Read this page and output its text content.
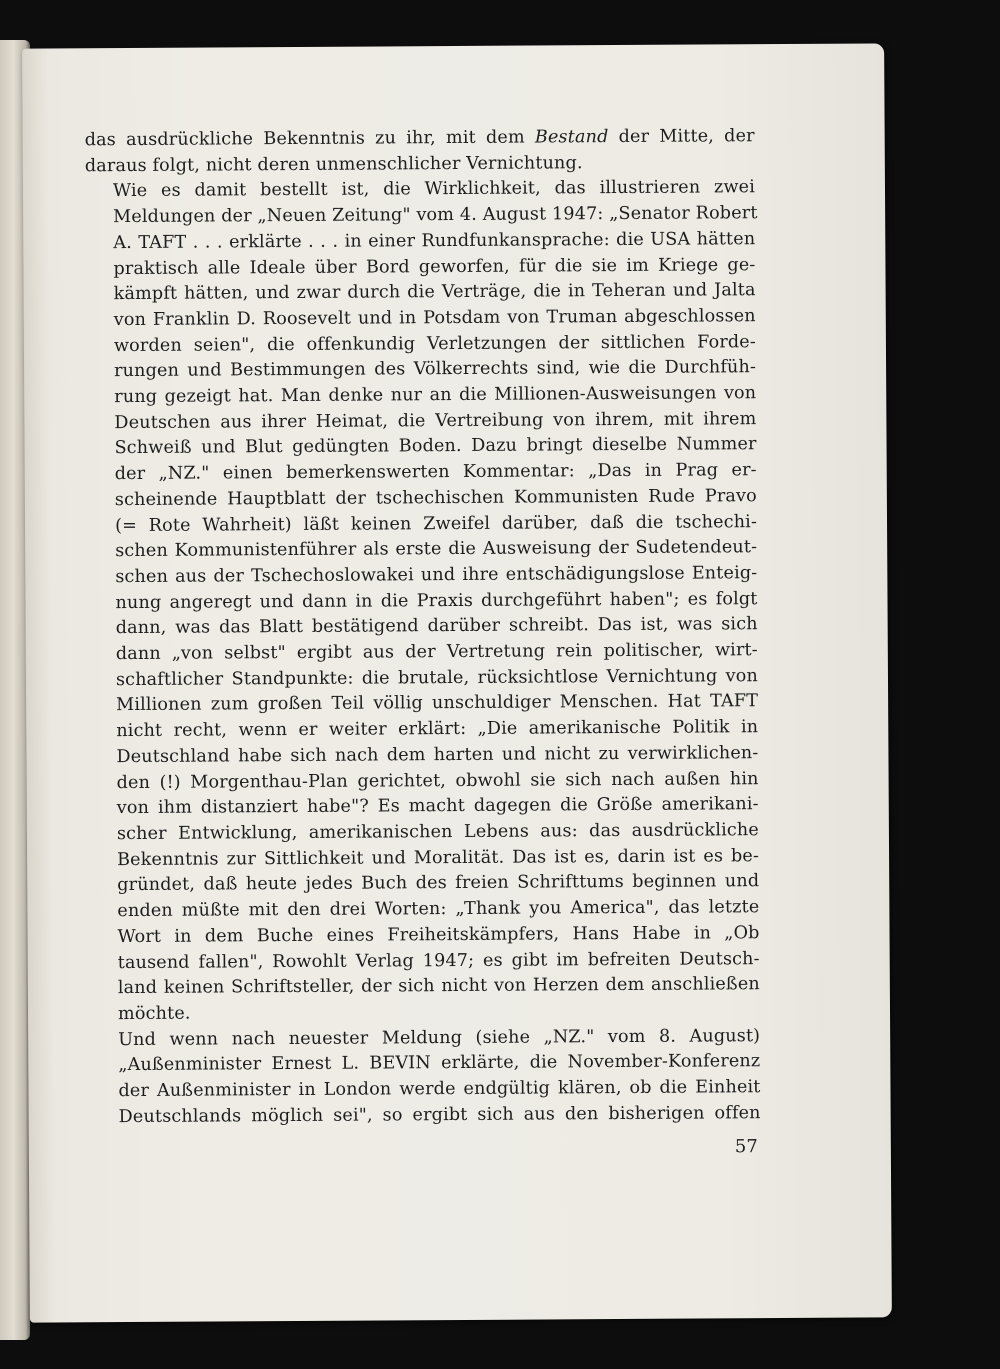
das ausdrückliche Bekenntnis zu ihr, mit dem Bestand der Mitte, der
daraus folgt, nicht deren unmenschlicher Vernichtung.

Wie es damit bestellt ist, die Wirklichkeit, das illustrieren zwei
Meldungen der „Neuen Zeitung" vom 4. August 1947: „Senator Robert
A. TAFT . . . erklärte . . . in einer Rundfunkansprache: die USA hätten
praktisch alle Ideale über Bord geworfen, für die sie im Kriege ge-
kämpft hätten, und zwar durch die Verträge, die in Teheran und Jalta
von Franklin D. Roosevelt und in Potsdam von Truman abgeschlossen
worden seien", die offenkundig Verletzungen der sittlichen Forde-
rungen und Bestimmungen des Völkerrechts sind, wie die Durchfüh-
rung gezeigt hat. Man denke nur an die Millionen-Ausweisungen von
Deutschen aus ihrer Heimat, die Vertreibung von ihrem, mit ihrem
Schweiß und Blut gedüngten Boden. Dazu bringt dieselbe Nummer
der „NZ." einen bemerkenswerten Kommentar: „Das in Prag er-
scheinende Hauptblatt der tschechischen Kommunisten Rude Pravo
(= Rote Wahrheit) läßt keinen Zweifel darüber, daß die tschechi-
schen Kommunistenführer als erste die Ausweisung der Sudetendeut-
schen aus der Tschechoslowakei und ihre entschädigungslose Enteig-
nung angeregt und dann in die Praxis durchgeführt haben"; es folgt
dann, was das Blatt bestätigend darüber schreibt. Das ist, was sich
dann „von selbst" ergibt aus der Vertretung rein politischer, wirt-
schaftlicher Standpunkte: die brutale, rücksichtlose Vernichtung von
Millionen zum großen Teil völlig unschuldiger Menschen. Hat TAFT
nicht recht, wenn er weiter erklärt: „Die amerikanische Politik in
Deutschland habe sich nach dem harten und nicht zu verwirklichen-
den (!) Morgenthau-Plan gerichtet, obwohl sie sich nach außen hin
von ihm distanziert habe"? Es macht dagegen die Größe amerikani-
scher Entwicklung, amerikanischen Lebens aus: das ausdrückliche
Bekenntnis zur Sittlichkeit und Moralität. Das ist es, darin ist es be-
gründet, daß heute jedes Buch des freien Schrifttums beginnen und
enden müßte mit den drei Worten: „Thank you America", das letzte
Wort in dem Buche eines Freiheitskämpfers, Hans Habe in „Ob
tausend fallen", Rowohlt Verlag 1947; es gibt im befreiten Deutsch-
land keinen Schriftsteller, der sich nicht von Herzen dem anschließen
möchte.

Und wenn nach neuester Meldung (siehe „NZ." vom 8. August)
„Außenminister Ernest L. BEVIN erklärte, die November-Konferenz
der Außenminister in London werde endgültig klären, ob die Einheit
Deutschlands möglich sei", so ergibt sich aus den bisherigen offen

57
